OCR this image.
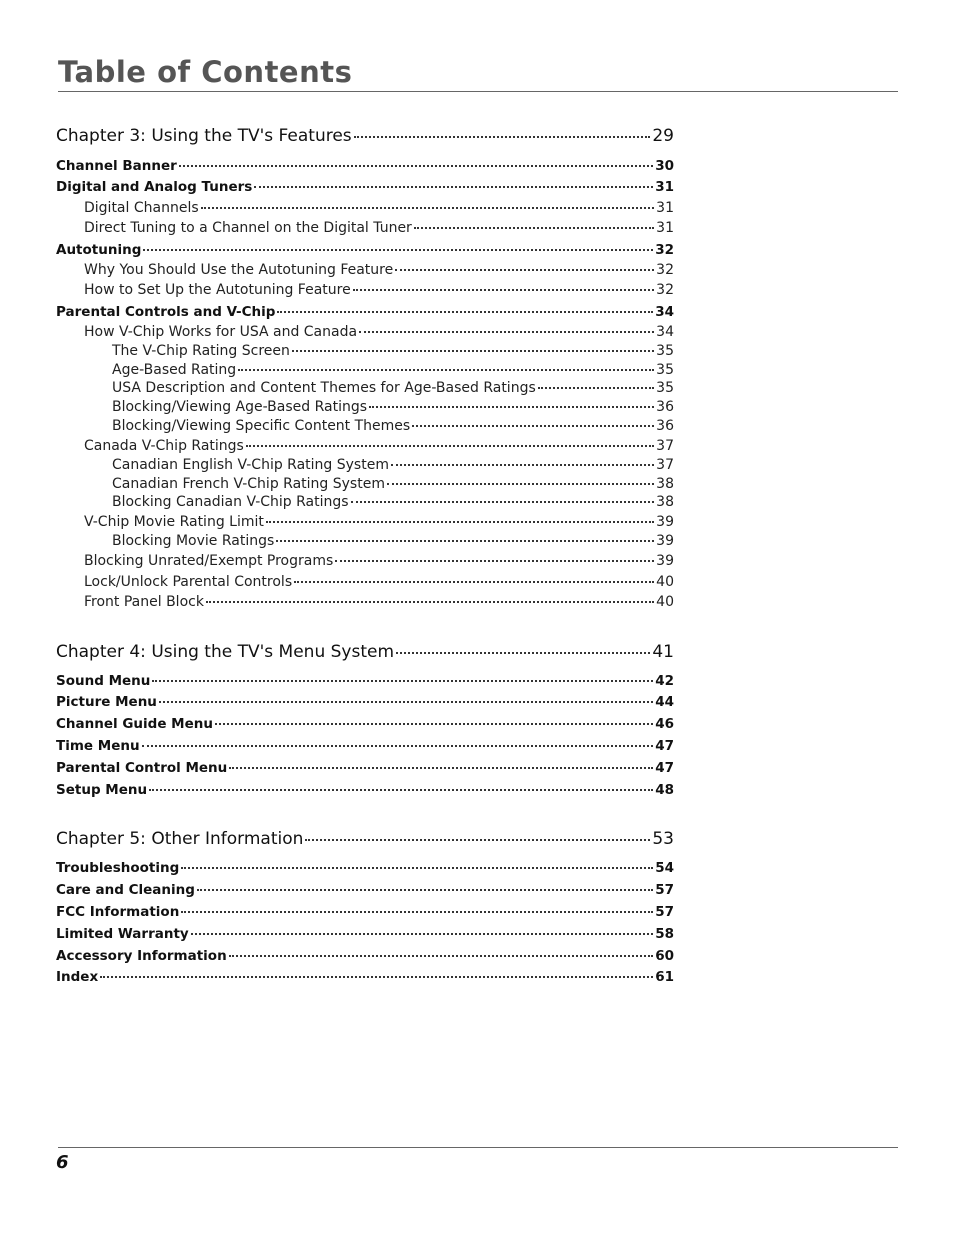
Table of Contents
Chapter 3: Using the TV's Features	29
Channel Banner	30
Digital and Analog Tuners	31
Digital Channels	31
Direct Tuning to a Channel on the Digital Tuner	31
Autotuning	32
Why You Should Use the Autotuning Feature	32
How to Set Up the Autotuning Feature	32
Parental Controls and V-Chip	34
How V-Chip Works for USA and Canada	34
The V-Chip Rating Screen	35
Age-Based Rating	35
USA Description and Content Themes for Age-Based Ratings	35
Blocking/Viewing Age-Based Ratings	36
Blocking/Viewing Specific Content Themes	36
Canada V-Chip Ratings	37
Canadian English V-Chip Rating System	37
Canadian French V-Chip Rating System	38
Blocking Canadian V-Chip Ratings	38
V-Chip Movie Rating Limit	39
Blocking Movie Ratings	39
Blocking Unrated/Exempt Programs	39
Lock/Unlock Parental Controls	40
Front Panel Block	40
Chapter 4: Using the TV's Menu System	41
Sound Menu	42
Picture Menu	44
Channel Guide Menu	46
Time Menu	47
Parental Control Menu	47
Setup Menu	48
Chapter 5: Other Information	53
Troubleshooting	54
Care and Cleaning	57
FCC Information	57
Limited Warranty	58
Accessory Information	60
Index	61
6
